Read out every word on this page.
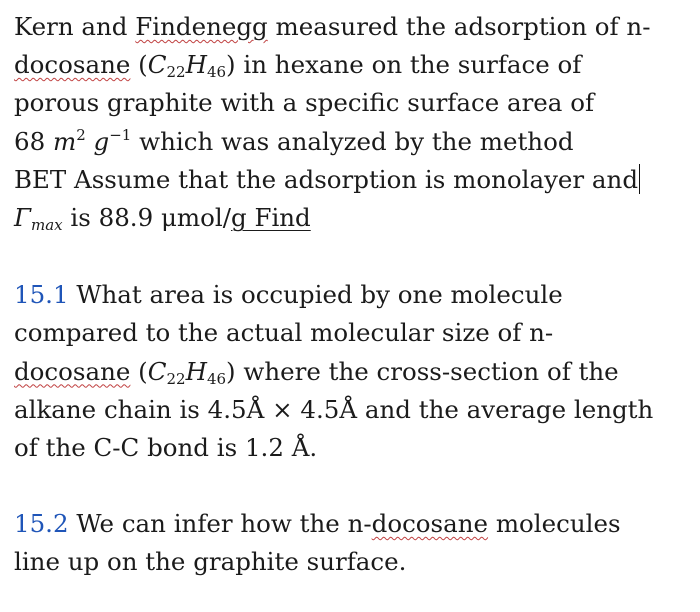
Kern and Findenegg measured the adsorption of n-
docosane $(C_{22}H_{46})$ in hexane on the surface of
porous graphite with a specific surface area of
68 $m^2$ $g^{-1}$ which was analyzed by the method
BET Assume that the adsorption is monolayer and
$\Gamma_{max}$ is 88.9 μmol/g Find

15.1 What area is occupied by one molecule
compared to the actual molecular size of n-
docosane $(C_{22}H_{46})$ where the cross-section of the
alkane chain is 4.5Å × 4.5Å and the average length
of the C-C bond is 1.2 Å.

15.2 We can infer how the n-docosane molecules
line up on the graphite surface.
